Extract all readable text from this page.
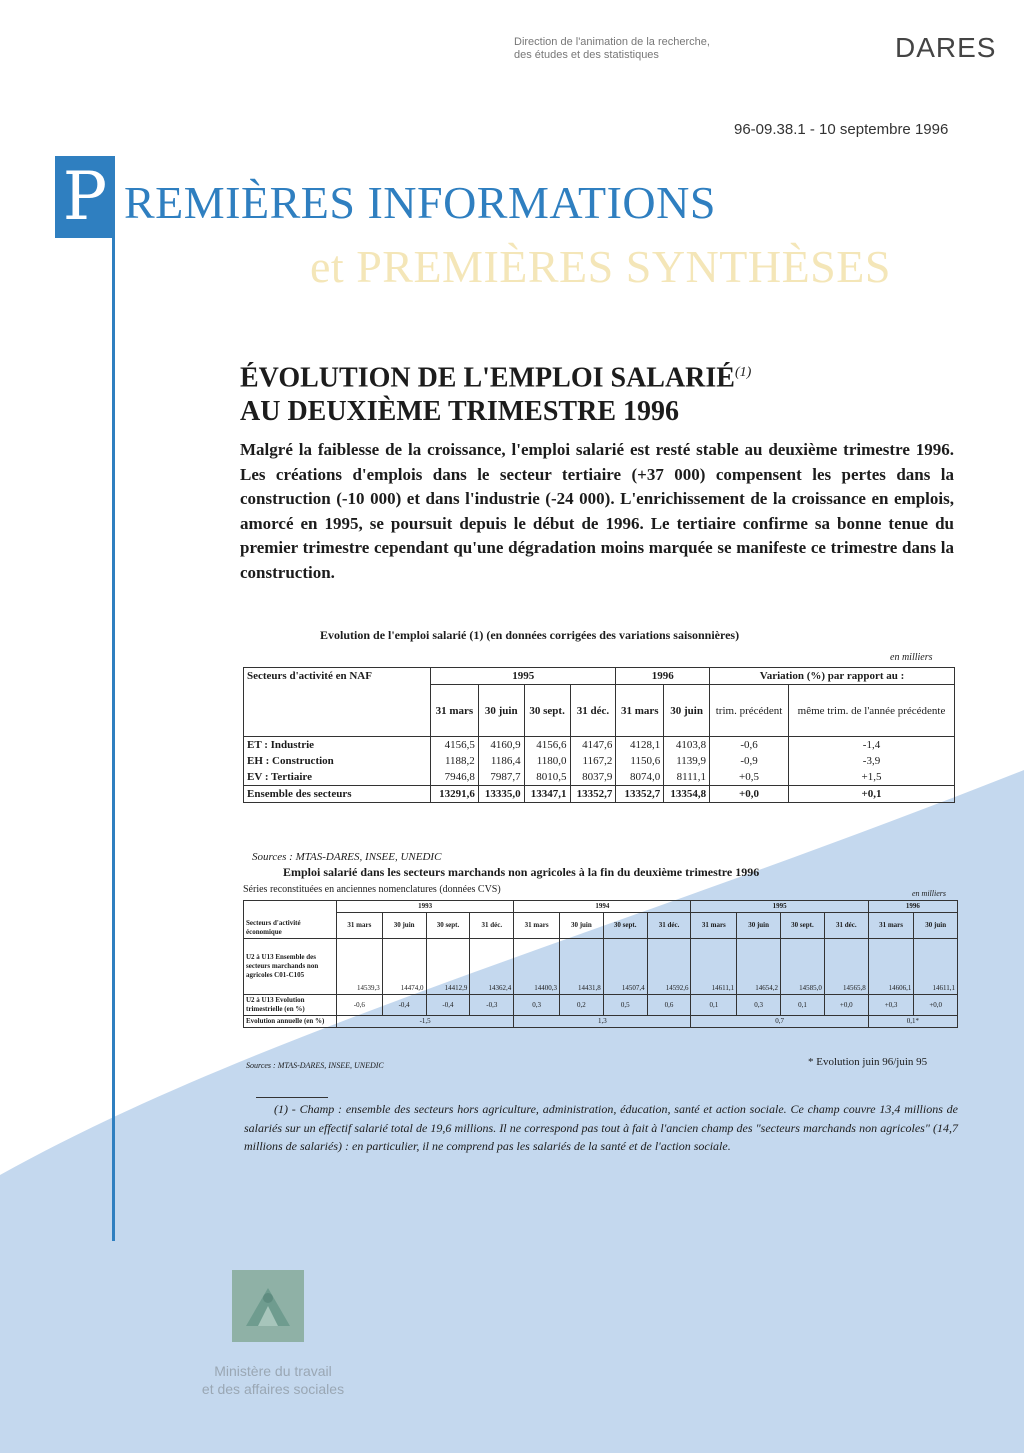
Direction de l'animation de la recherche,
des études et des statistiques	DARES
96-09.38.1 - 10 septembre 1996
P REMIÈRES INFORMATIONS
et PREMIÈRES SYNTHÈSES
ÉVOLUTION DE L'EMPLOI SALARIÉ$^{(1)}$
AU DEUXIÈME TRIMESTRE 1996
Malgré la faiblesse de la croissance, l'emploi salarié est resté stable au deuxième trimestre 1996. Les créations d'emplois dans le secteur tertiaire (+37 000) compensent les pertes dans la construction (-10 000) et dans l'industrie (-24 000). L'enrichissement de la croissance en emplois, amorcé en 1995, se poursuit depuis le début de 1996. Le tertiaire confirme sa bonne tenue du premier trimestre cependant qu'une dégradation moins marquée se manifeste ce trimestre dans la construction.
Evolution de l'emploi salarié (1) (en données corrigées des variations saisonnières)
en milliers
Secteurs d'activité en NAF	1995				1996		Variation (%) par rapport au :	
	31 mars	30 juin	30 sept.	31 déc.	31 mars	30 juin	trim. précédent	même trim. de l'année précédente
ET : Industrie	4156,5	4160,9	4156,6	4147,6	4128,1	4103,8	-0,6	-1,4
EH : Construction	1188,2	1186,4	1180,0	1167,2	1150,6	1139,9	-0,9	-3,9
EV : Tertiaire	7946,8	7987,7	8010,5	8037,9	8074,0	8111,1	+0,5	+1,5
Ensemble des secteurs	13291,6	13335,0	13347,1	13352,7	13352,7	13354,8	+0,0	+0,1
Sources : MTAS-DARES, INSEE, UNEDIC
Emploi salarié dans les secteurs marchands non agricoles à la fin du deuxième trimestre 1996
Séries reconstituées en anciennes nomenclatures (données CVS)	en milliers
Secteurs d'activité économique	1993				1994				1995				1996	
	31 mars	30 juin	30 sept.	31 déc.	31 mars	30 juin	30 sept.	31 déc.	31 mars	30 juin	30 sept.	31 déc.	31 mars	30 juin
U2 à U13 Ensemble des secteurs marchands non agricoles C01-C105	14539,3	14474,0	14412,9	14362,4	14400,3	14431,8	14507,4	14592,6	14611,1	14654,2	14585,0	14565,8	14606,1	14611,1
U2 à U13 Evolution trimestrielle (en %)	-0,6	-0,4	-0,4	-0,3	0,3	0,2	0,5	0,6	0,1	0,3	0,1	+0,0	+0,3	+0,0
Evolution annuelle (en %)	-1,5				1,3				0,7				0,1*	
Sources : MTAS-DARES, INSEE, UNEDIC	* Evolution juin 96/juin 95
(1) - Champ : ensemble des secteurs hors agriculture, administration, éducation, santé et action sociale. Ce champ couvre 13,4 millions de salariés sur un effectif salarié total de 19,6 millions. Il ne correspond pas tout à fait à l'ancien champ des "secteurs marchands non agricoles" (14,7 millions de salariés) : en particulier, il ne comprend pas les salariés de la santé et de l'action sociale.
Ministère du travail
et des affaires sociales
